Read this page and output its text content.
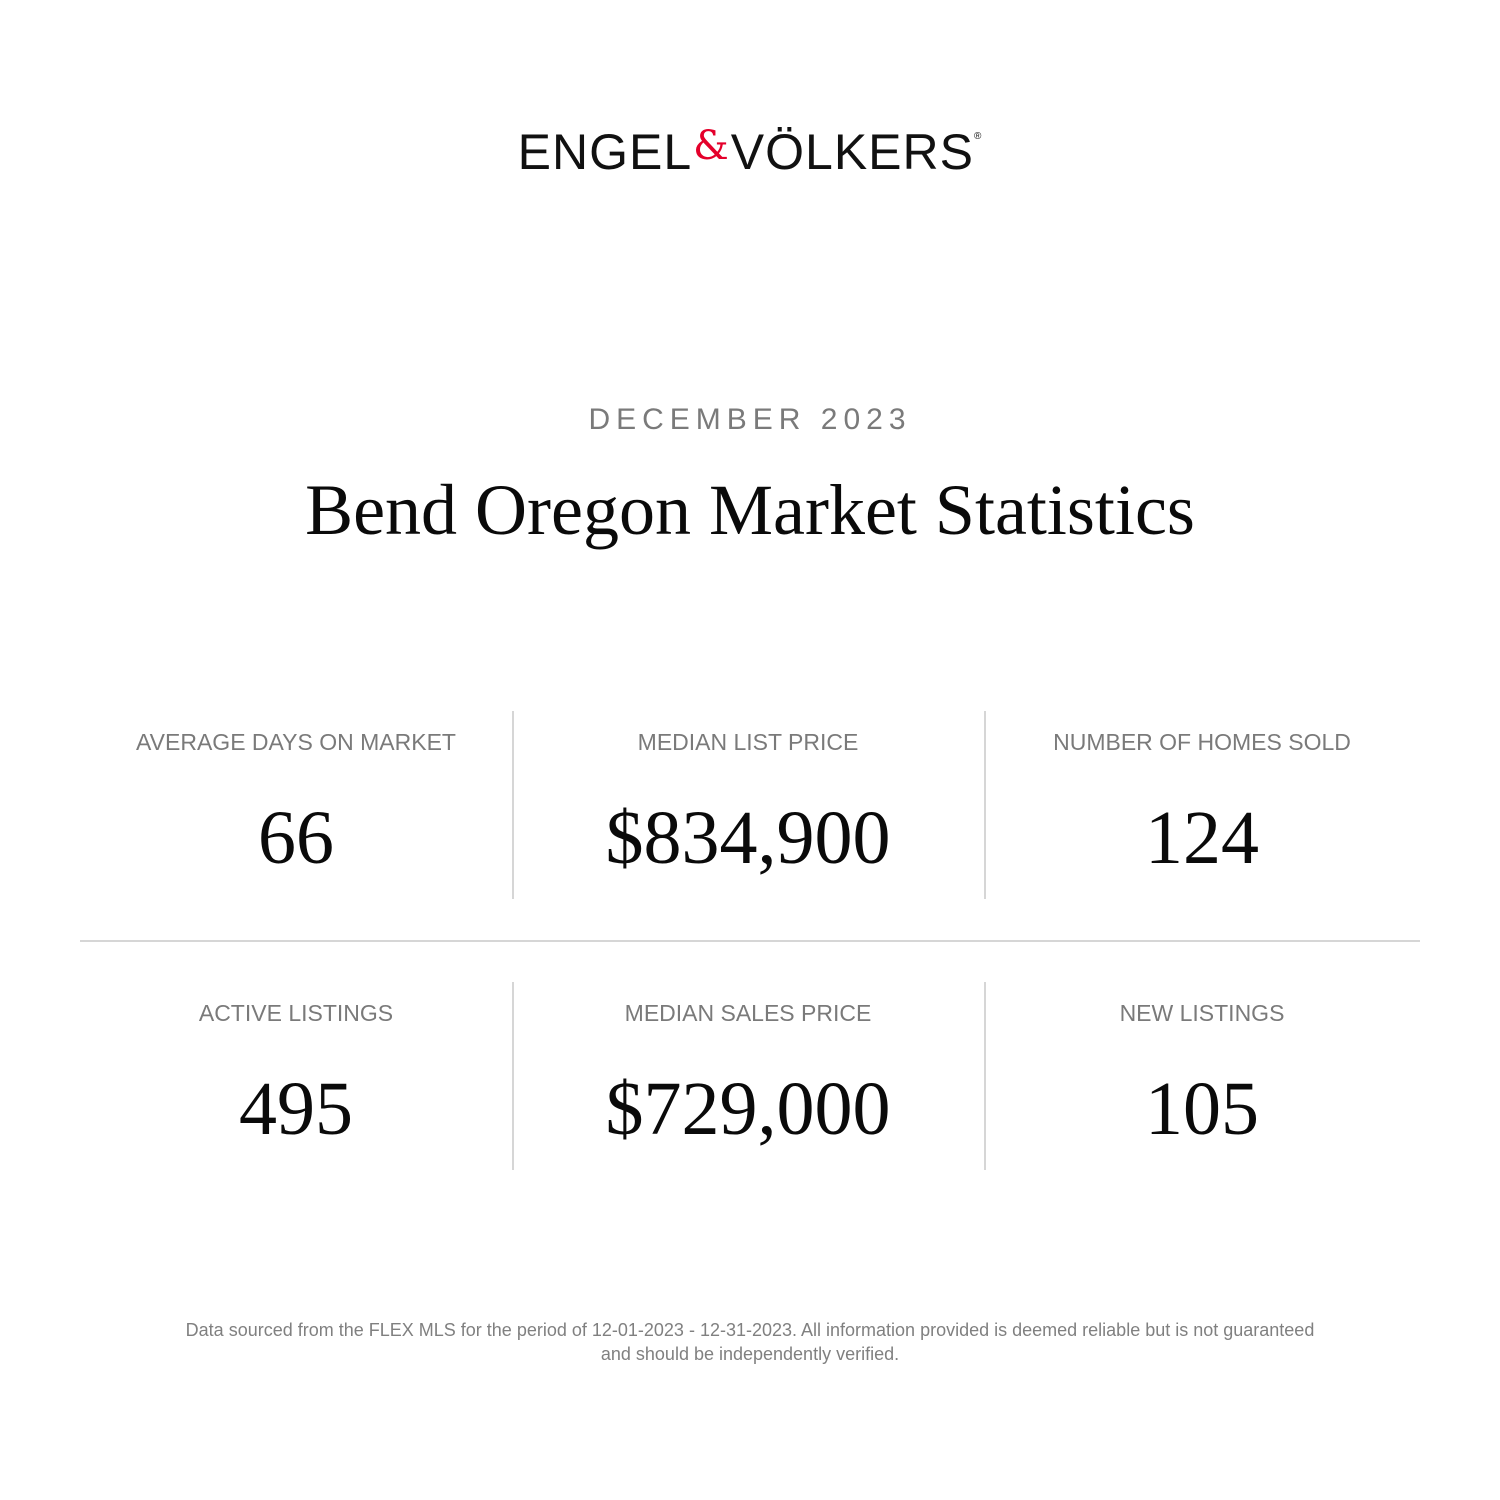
ENGEL&VÖLKERS®
DECEMBER 2023
Bend Oregon Market Statistics
AVERAGE DAYS ON MARKET
66
MEDIAN LIST PRICE
$834,900
NUMBER OF HOMES SOLD
124
ACTIVE LISTINGS
495
MEDIAN SALES PRICE
$729,000
NEW LISTINGS
105
Data sourced from the FLEX MLS for the period of 12-01-2023 - 12-31-2023. All information provided is deemed reliable but is not guaranteed
and should be independently verified.
